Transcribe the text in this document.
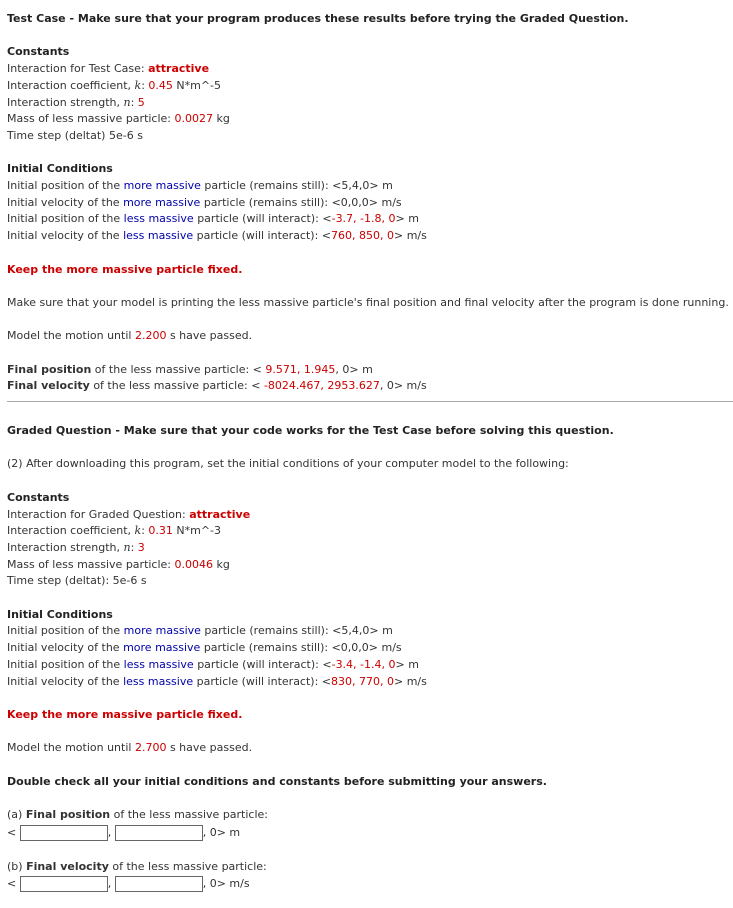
Test Case - Make sure that your program produces these results before trying the Graded Question.

Constants

Interaction for Test Case: attractive

Interaction coefficient, k: 0.45 N*m^-5

Interaction strength, n: 5

Mass of less massive particle: 0.0027 kg

Time step (deltat) 5e-6 s

Initial Conditions

Initial position of the more massive particle (remains still): <5,4,0> m

Initial velocity of the more massive particle (remains still): <0,0,0> m/s

Initial position of the less massive particle (will interact): <-3.7, -1.8, 0> m

Initial velocity of the less massive particle (will interact): <760, 850, 0> m/s

Keep the more massive particle fixed.

Make sure that your model is printing the less massive particle's final position and final velocity after the program is done running.

Model the motion until 2.200 s have passed.

Final position of the less massive particle: < 9.571, 1.945, 0> m

Final velocity of the less massive particle: < -8024.467, 2953.627, 0> m/s

Graded Question - Make sure that your code works for the Test Case before solving this question.

(2) After downloading this program, set the initial conditions of your computer model to the following:

Constants

Interaction for Graded Question: attractive

Interaction coefficient, k: 0.31 N*m^-3

Interaction strength, n: 3

Mass of less massive particle: 0.0046 kg

Time step (deltat): 5e-6 s

Initial Conditions

Initial position of the more massive particle (remains still): <5,4,0> m

Initial velocity of the more massive particle (remains still): <0,0,0> m/s

Initial position of the less massive particle (will interact): <-3.4, -1.4, 0> m

Initial velocity of the less massive particle (will interact): <830, 770, 0> m/s

Keep the more massive particle fixed.

Model the motion until 2.700 s have passed.

Double check all your initial conditions and constants before submitting your answers.

(a) Final position of the less massive particle:

<	,	, 0> m

(b) Final velocity of the less massive particle:

<	,	, 0> m/s
